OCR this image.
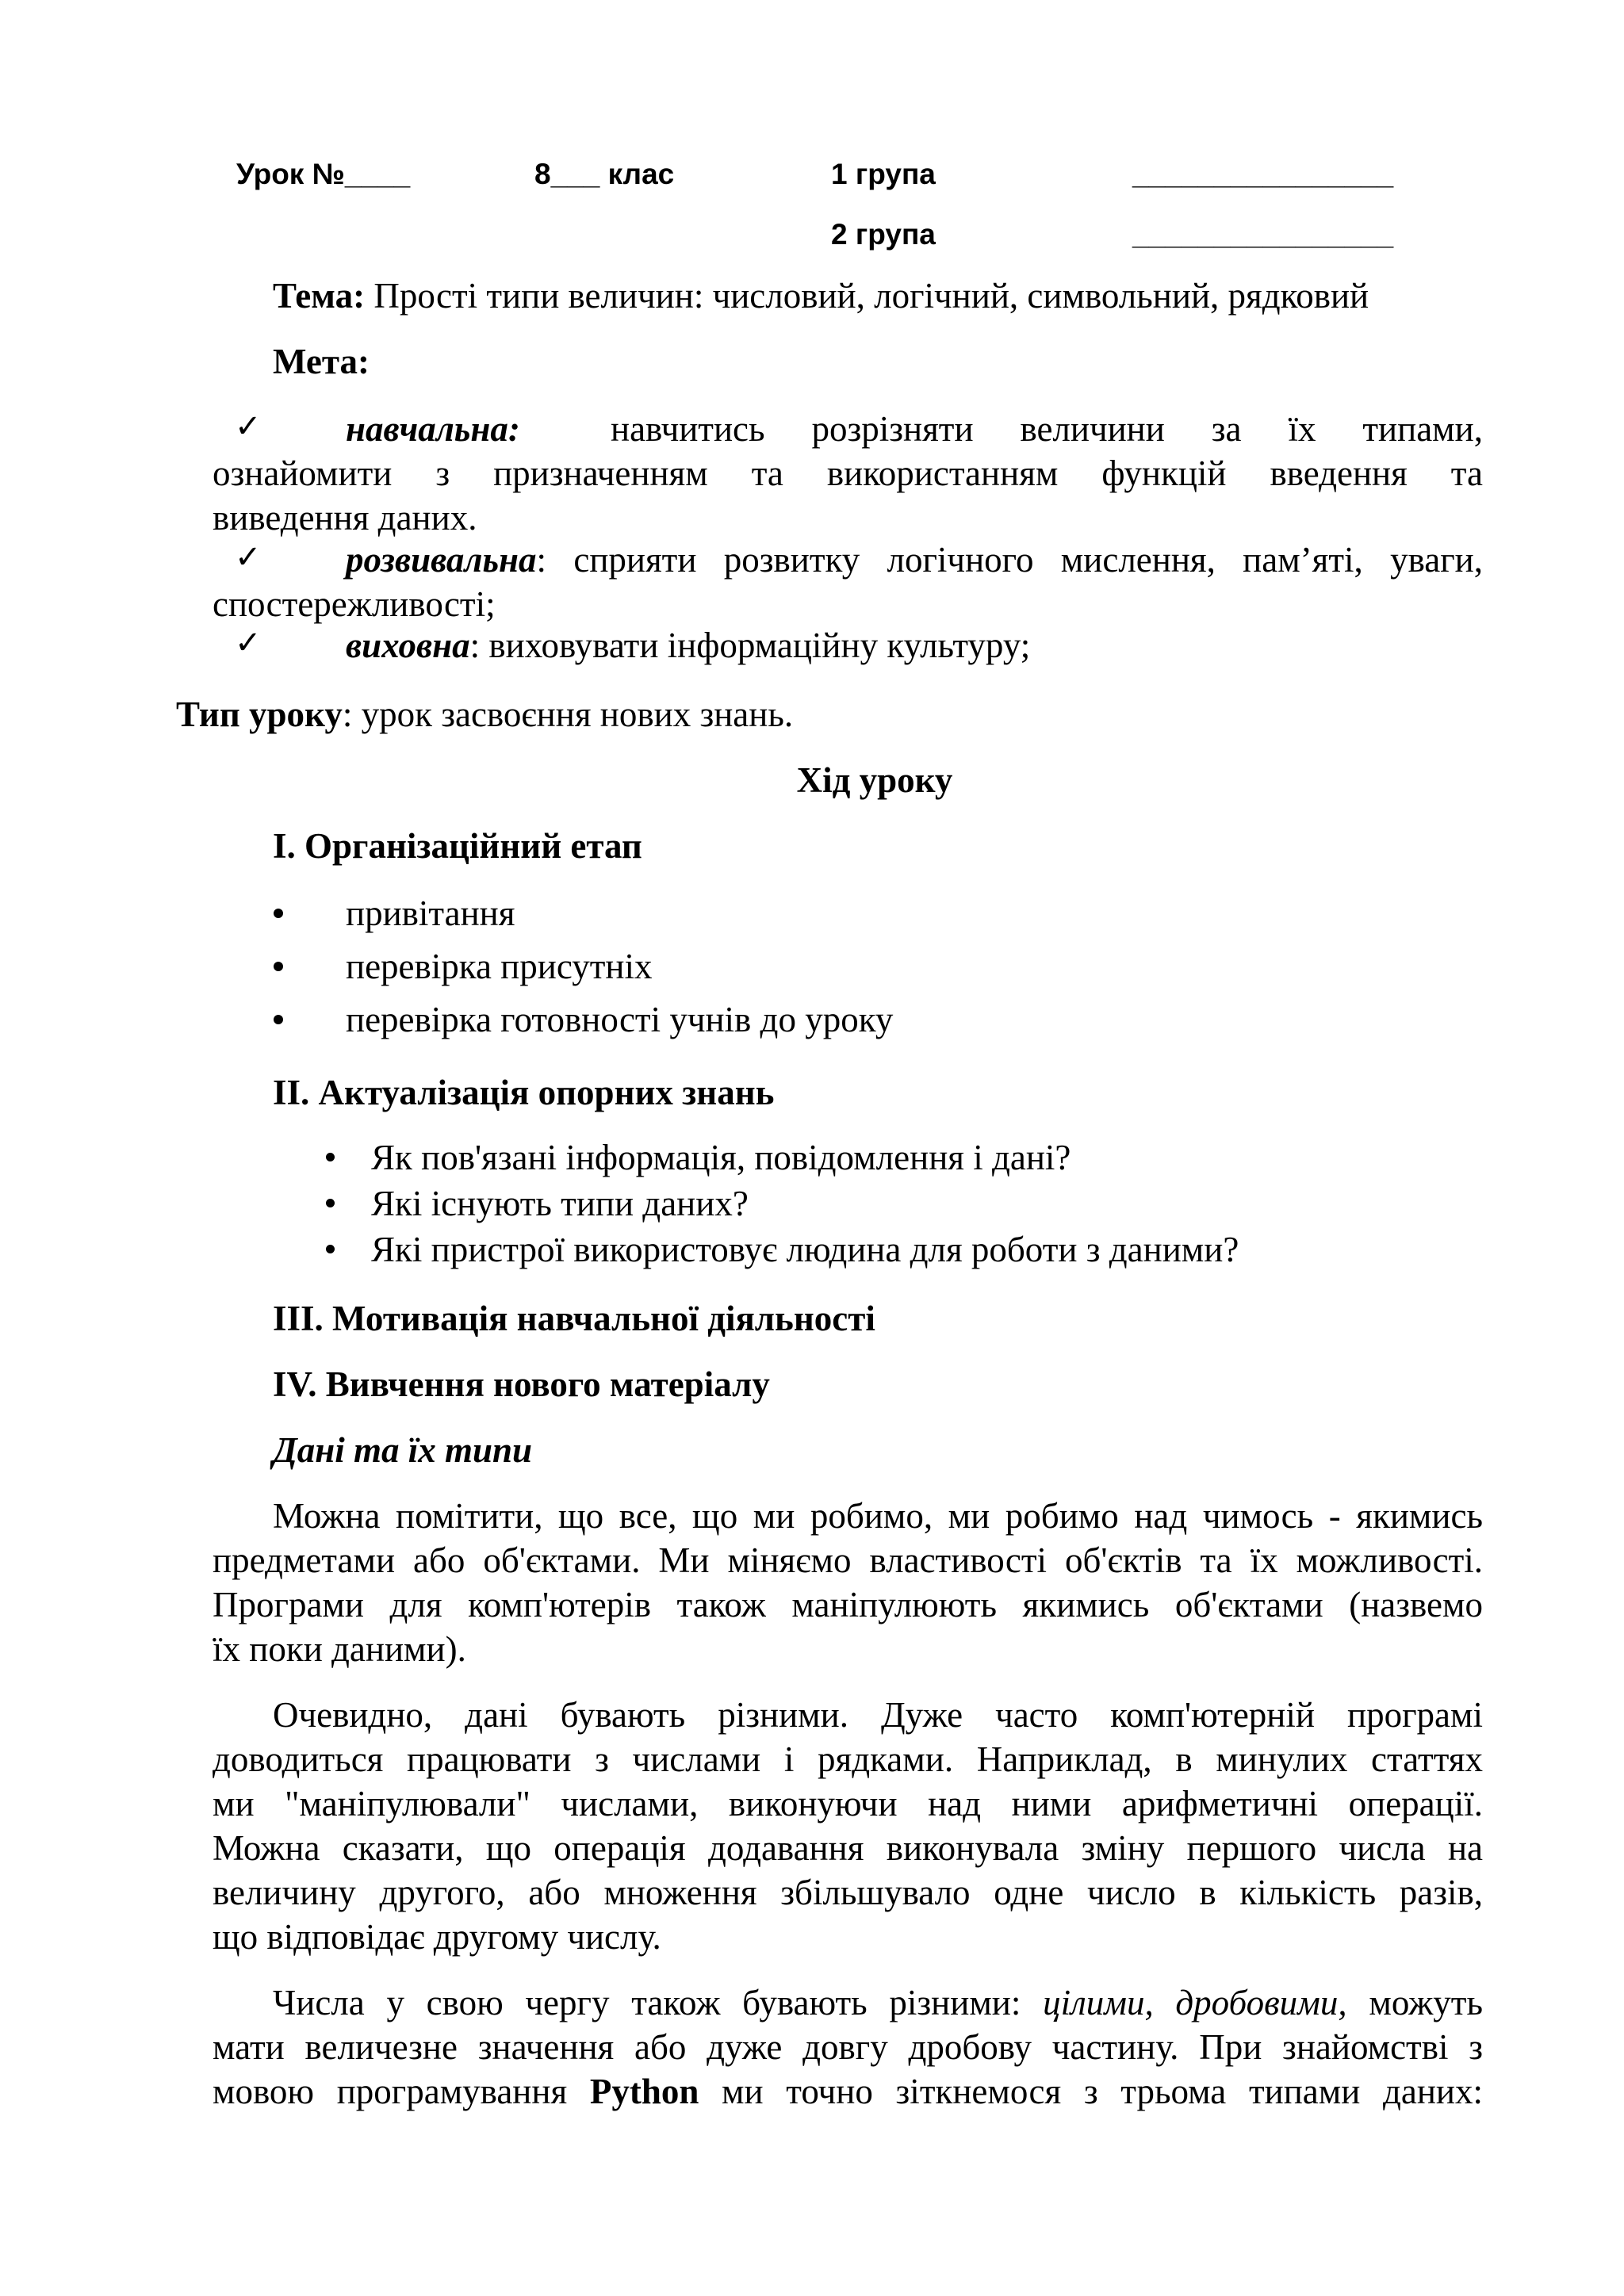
Урок №____	8___ клас	1 група	________________
2 група	________________
Тема: Прості типи величин: числовий, логічний, символьний, рядковий
Мета:
✓ навчальна:	навчитись розрізняти величини за їх типами,
ознайомити з призначенням та використанням функцій введення та
виведення даних.
✓ розвивальна: сприяти розвитку логічного мислення, пам’яті, уваги,
спостережливості;
✓ виховна: виховувати інформаційну культуру;
Тип уроку: урок засвоєння нових знань.
Хід уроку
І. Організаційний етап
привітання
перевірка присутніх
перевірка готовності учнів до уроку
ІІ. Актуалізація опорних знань
Як пов'язані інформація, повідомлення і дані?
Які існують типи даних?
Які пристрої використовує людина для роботи з даними?
ІІІ. Мотивація навчальної діяльності
ІV. Вивчення нового матеріалу
Дані та їх типи
Можна помітити, що все, що ми робимо, ми робимо над чимось - якимись
предметами або об'єктами. Ми міняємо властивості об'єктів та їх можливості.
Програми для комп'ютерів також маніпулюють якимись об'єктами (назвемо
їх поки даними).
Очевидно, дані бувають різними. Дуже часто комп'ютерній програмі
доводиться працювати з числами і рядками. Наприклад, в минулих статтях
ми "маніпулювали" числами, виконуючи над ними арифметичні операції.
Можна сказати, що операція додавання виконувала зміну першого числа на
величину другого, або множення збільшувало одне число в кількість разів,
що відповідає другому числу.
Числа у свою чергу також бувають різними: цілими, дробовими, можуть
мати величезне значення або дуже довгу дробову частину. При знайомстві з
мовою програмування Python ми точно зіткнемося з трьома типами даних:
